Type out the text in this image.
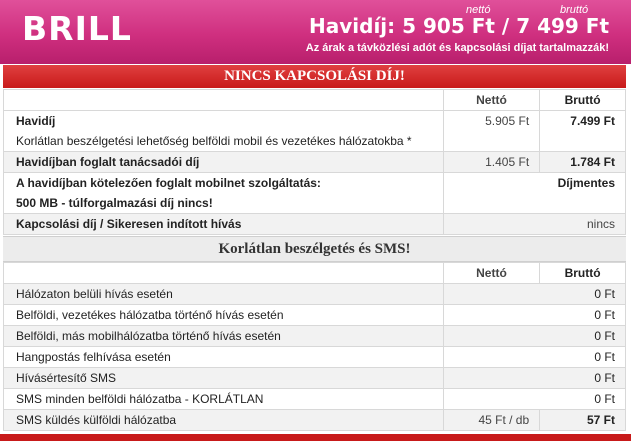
BRILL	nettó	bruttó
Havidíj: 5 905 Ft / 7 499 Ft
Az árak a távközlési adót és kapcsolási díjat tartalmazzák!
NINCS KAPCSOLÁSI DÍJ!
	Nettó	Bruttó
Havidíj	5.905 Ft	7.499 Ft
Korlátlan beszélgetési lehetőség belföldi mobil és vezetékes hálózatokba *		
Havidíjban foglalt tanácsadói díj	1.405 Ft	1.784 Ft
A havidíjban kötelezően foglalt mobilnet szolgáltatás:		Díjmentes
500 MB - túlforgalmazási díj nincs!		
Kapcsolási díj / Sikeresen indított hívás		nincs
Korlátlan beszélgetés és SMS!
	Nettó	Bruttó
Hálózaton belüli hívás esetén		0 Ft
Belföldi, vezetékes hálózatba történő hívás esetén		0 Ft
Belföldi, más mobilhálózatba történő hívás esetén		0 Ft
Hangpostás felhívása esetén		0 Ft
Hívásértesítő SMS		0 Ft
SMS minden belföldi hálózatba - KORLÁTLAN		0 Ft
SMS küldés külföldi hálózatba	45 Ft / db	57 Ft
